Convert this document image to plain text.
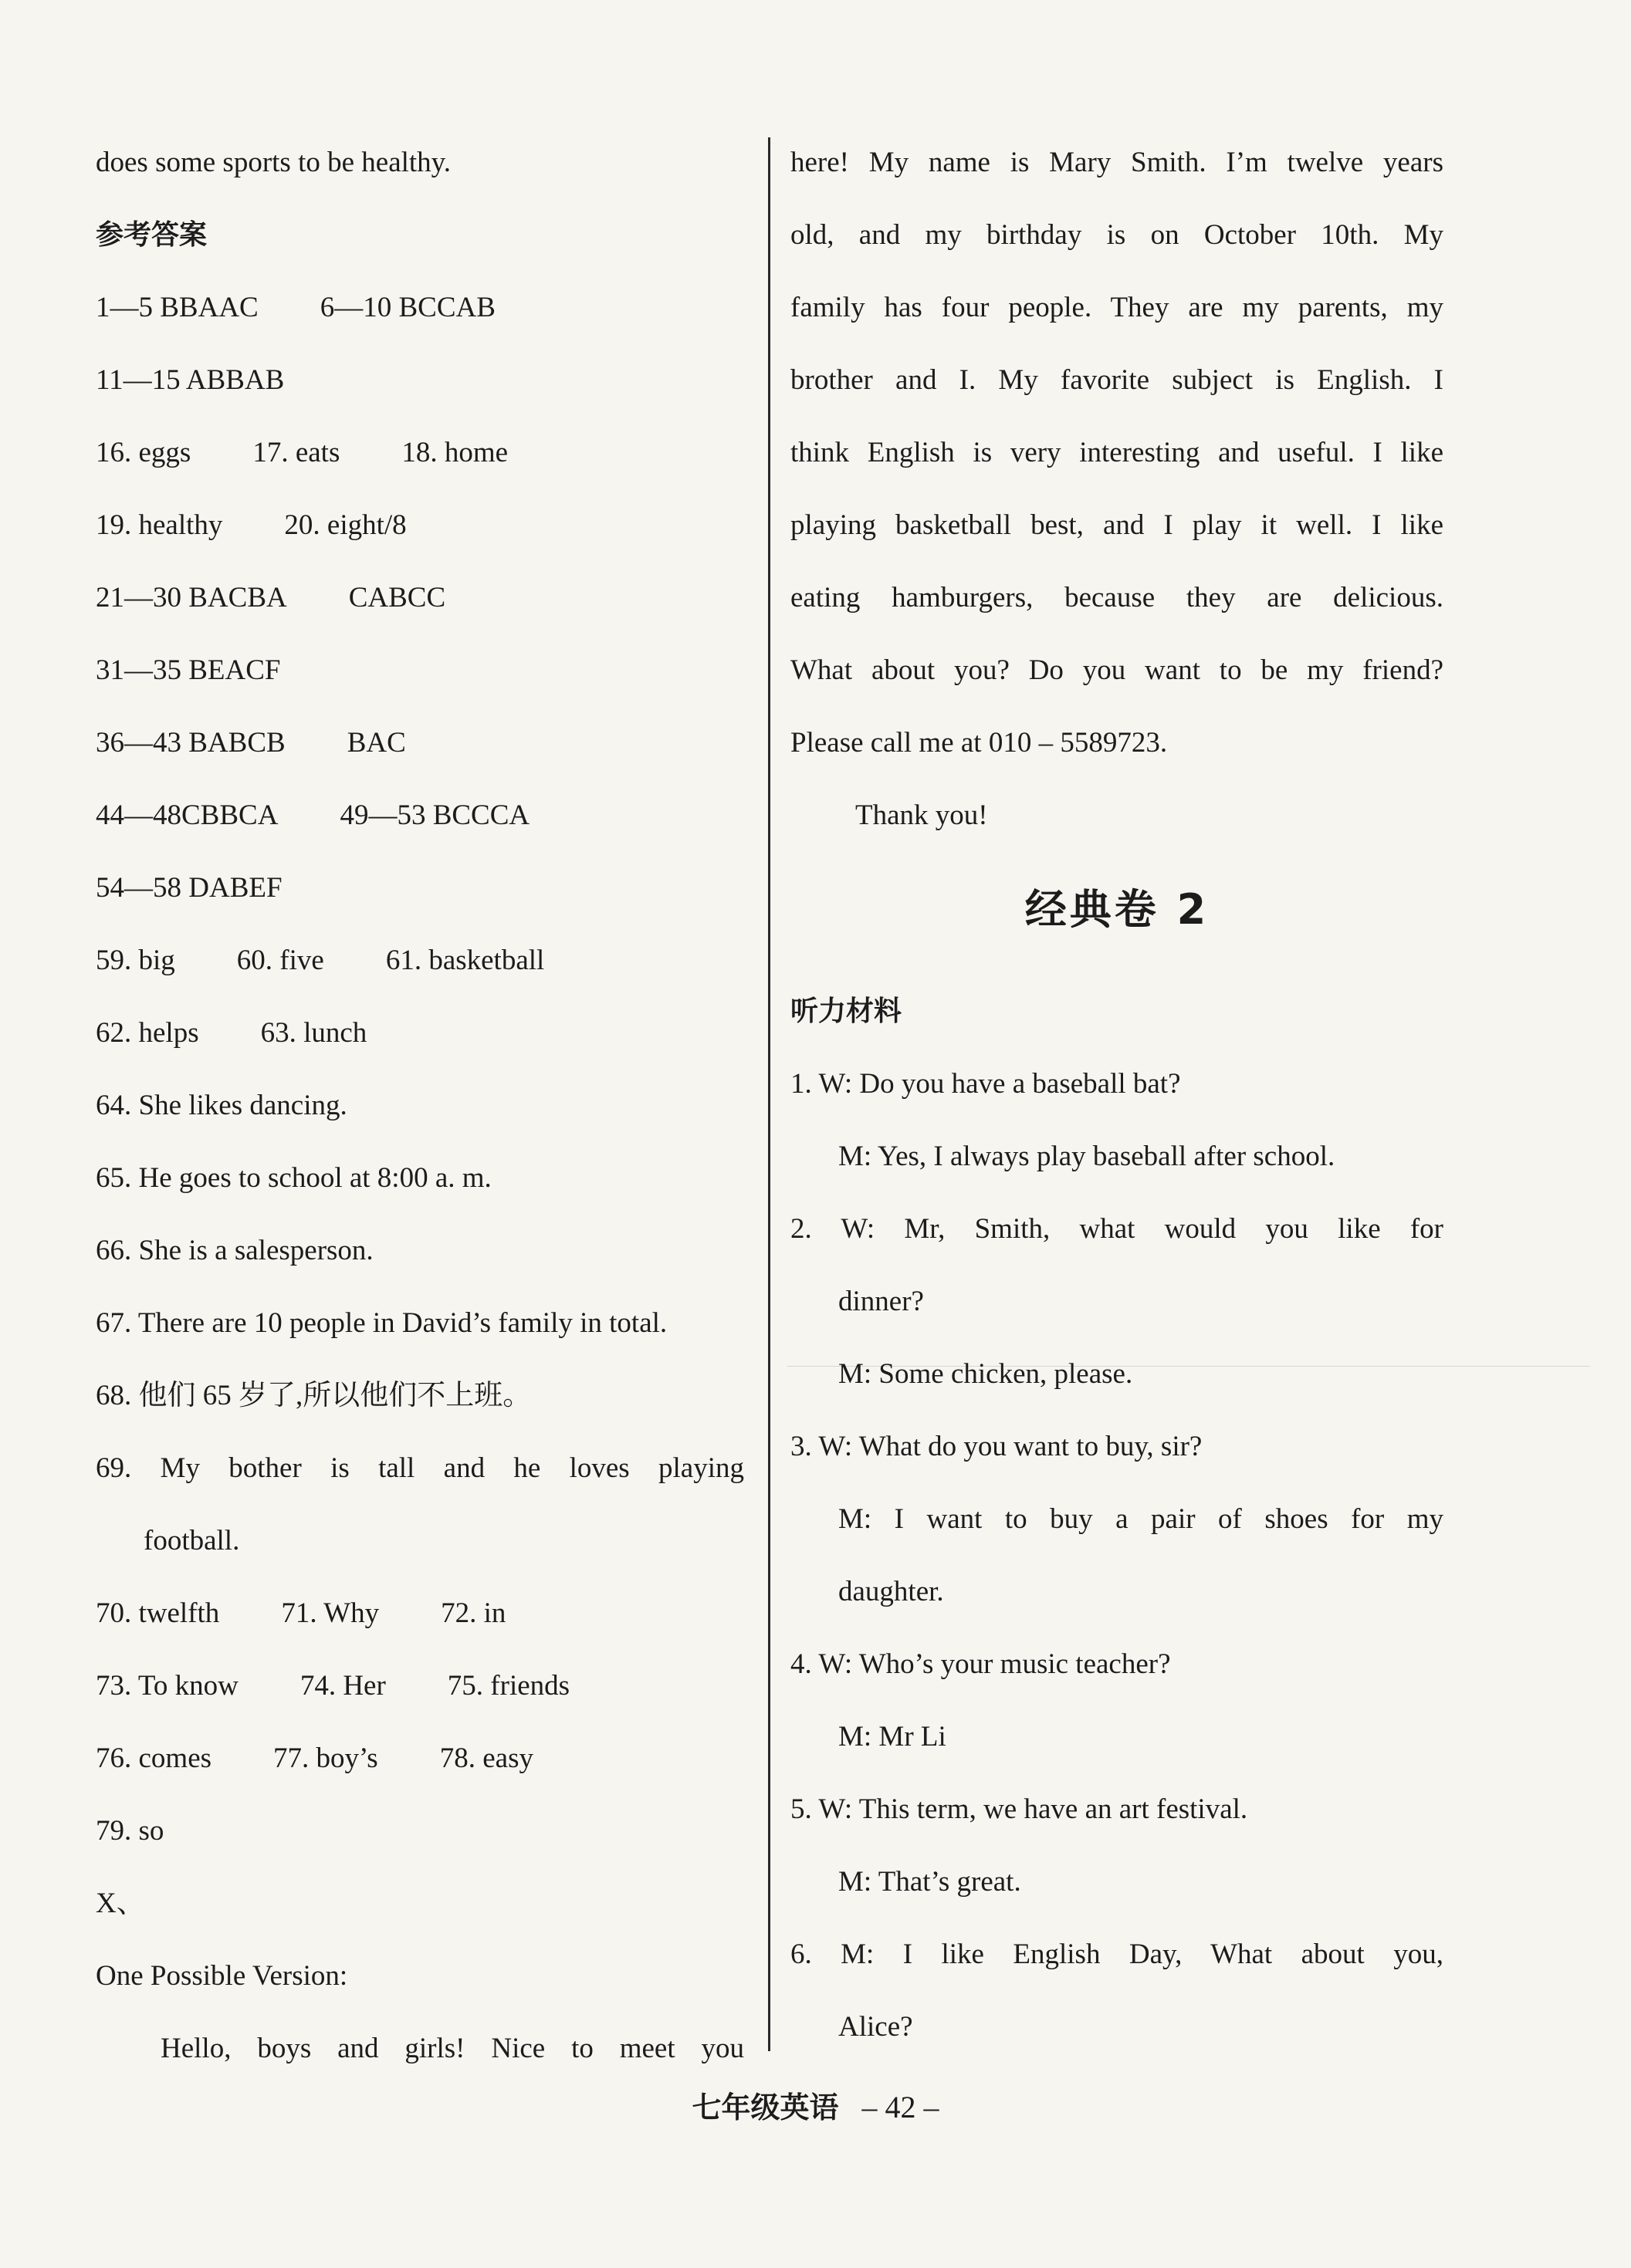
does some sports to be healthy.
参考答案
1—5 BBAAC 6—10 BCCAB
11—15 ABBAB
16. eggs 17. eats 18. home
19. healthy 20. eight/8
21—30 BACBA CABCC
31—35 BEACF
36—43 BABCB BAC
44—48CBBCA 49—53 BCCCA
54—58 DABEF
59. big 60. five 61. basketball
62. helps 63. lunch
64. She likes dancing.
65. He goes to school at 8:00 a. m.
66. She is a salesperson.
67. There are 10 people in David’s family in total.
68. 他们 65 岁了,所以他们不上班。
69. My bother is tall and he loves playing
football.
70. twelfth 71. Why 72. in
73. To know 74. Her 75. friends
76. comes 77. boy’s 78. easy
79. so
X、
One Possible Version:
Hello, boys and girls! Nice to meet you
here! My name is Mary Smith. I’m twelve years
old, and my birthday is on October 10th. My
family has four people. They are my parents, my
brother and I. My favorite subject is English. I
think English is very interesting and useful. I like
playing basketball best, and I play it well. I like
eating hamburgers, because they are delicious.
What about you? Do you want to be my friend?
Please call me at 010 – 5589723.
Thank you!
经典卷 2
听力材料
1. W: Do you have a baseball bat?
M: Yes, I always play baseball after school.
2. W: Mr, Smith, what would you like for
dinner?
M: Some chicken, please.
3. W: What do you want to buy, sir?
M: I want to buy a pair of shoes for my
daughter.
4. W: Who’s your music teacher?
M: Mr Li
5. W: This term, we have an art festival.
M: That’s great.
6. M: I like English Day, What about you,
Alice?
七年级英语 – 42 –
